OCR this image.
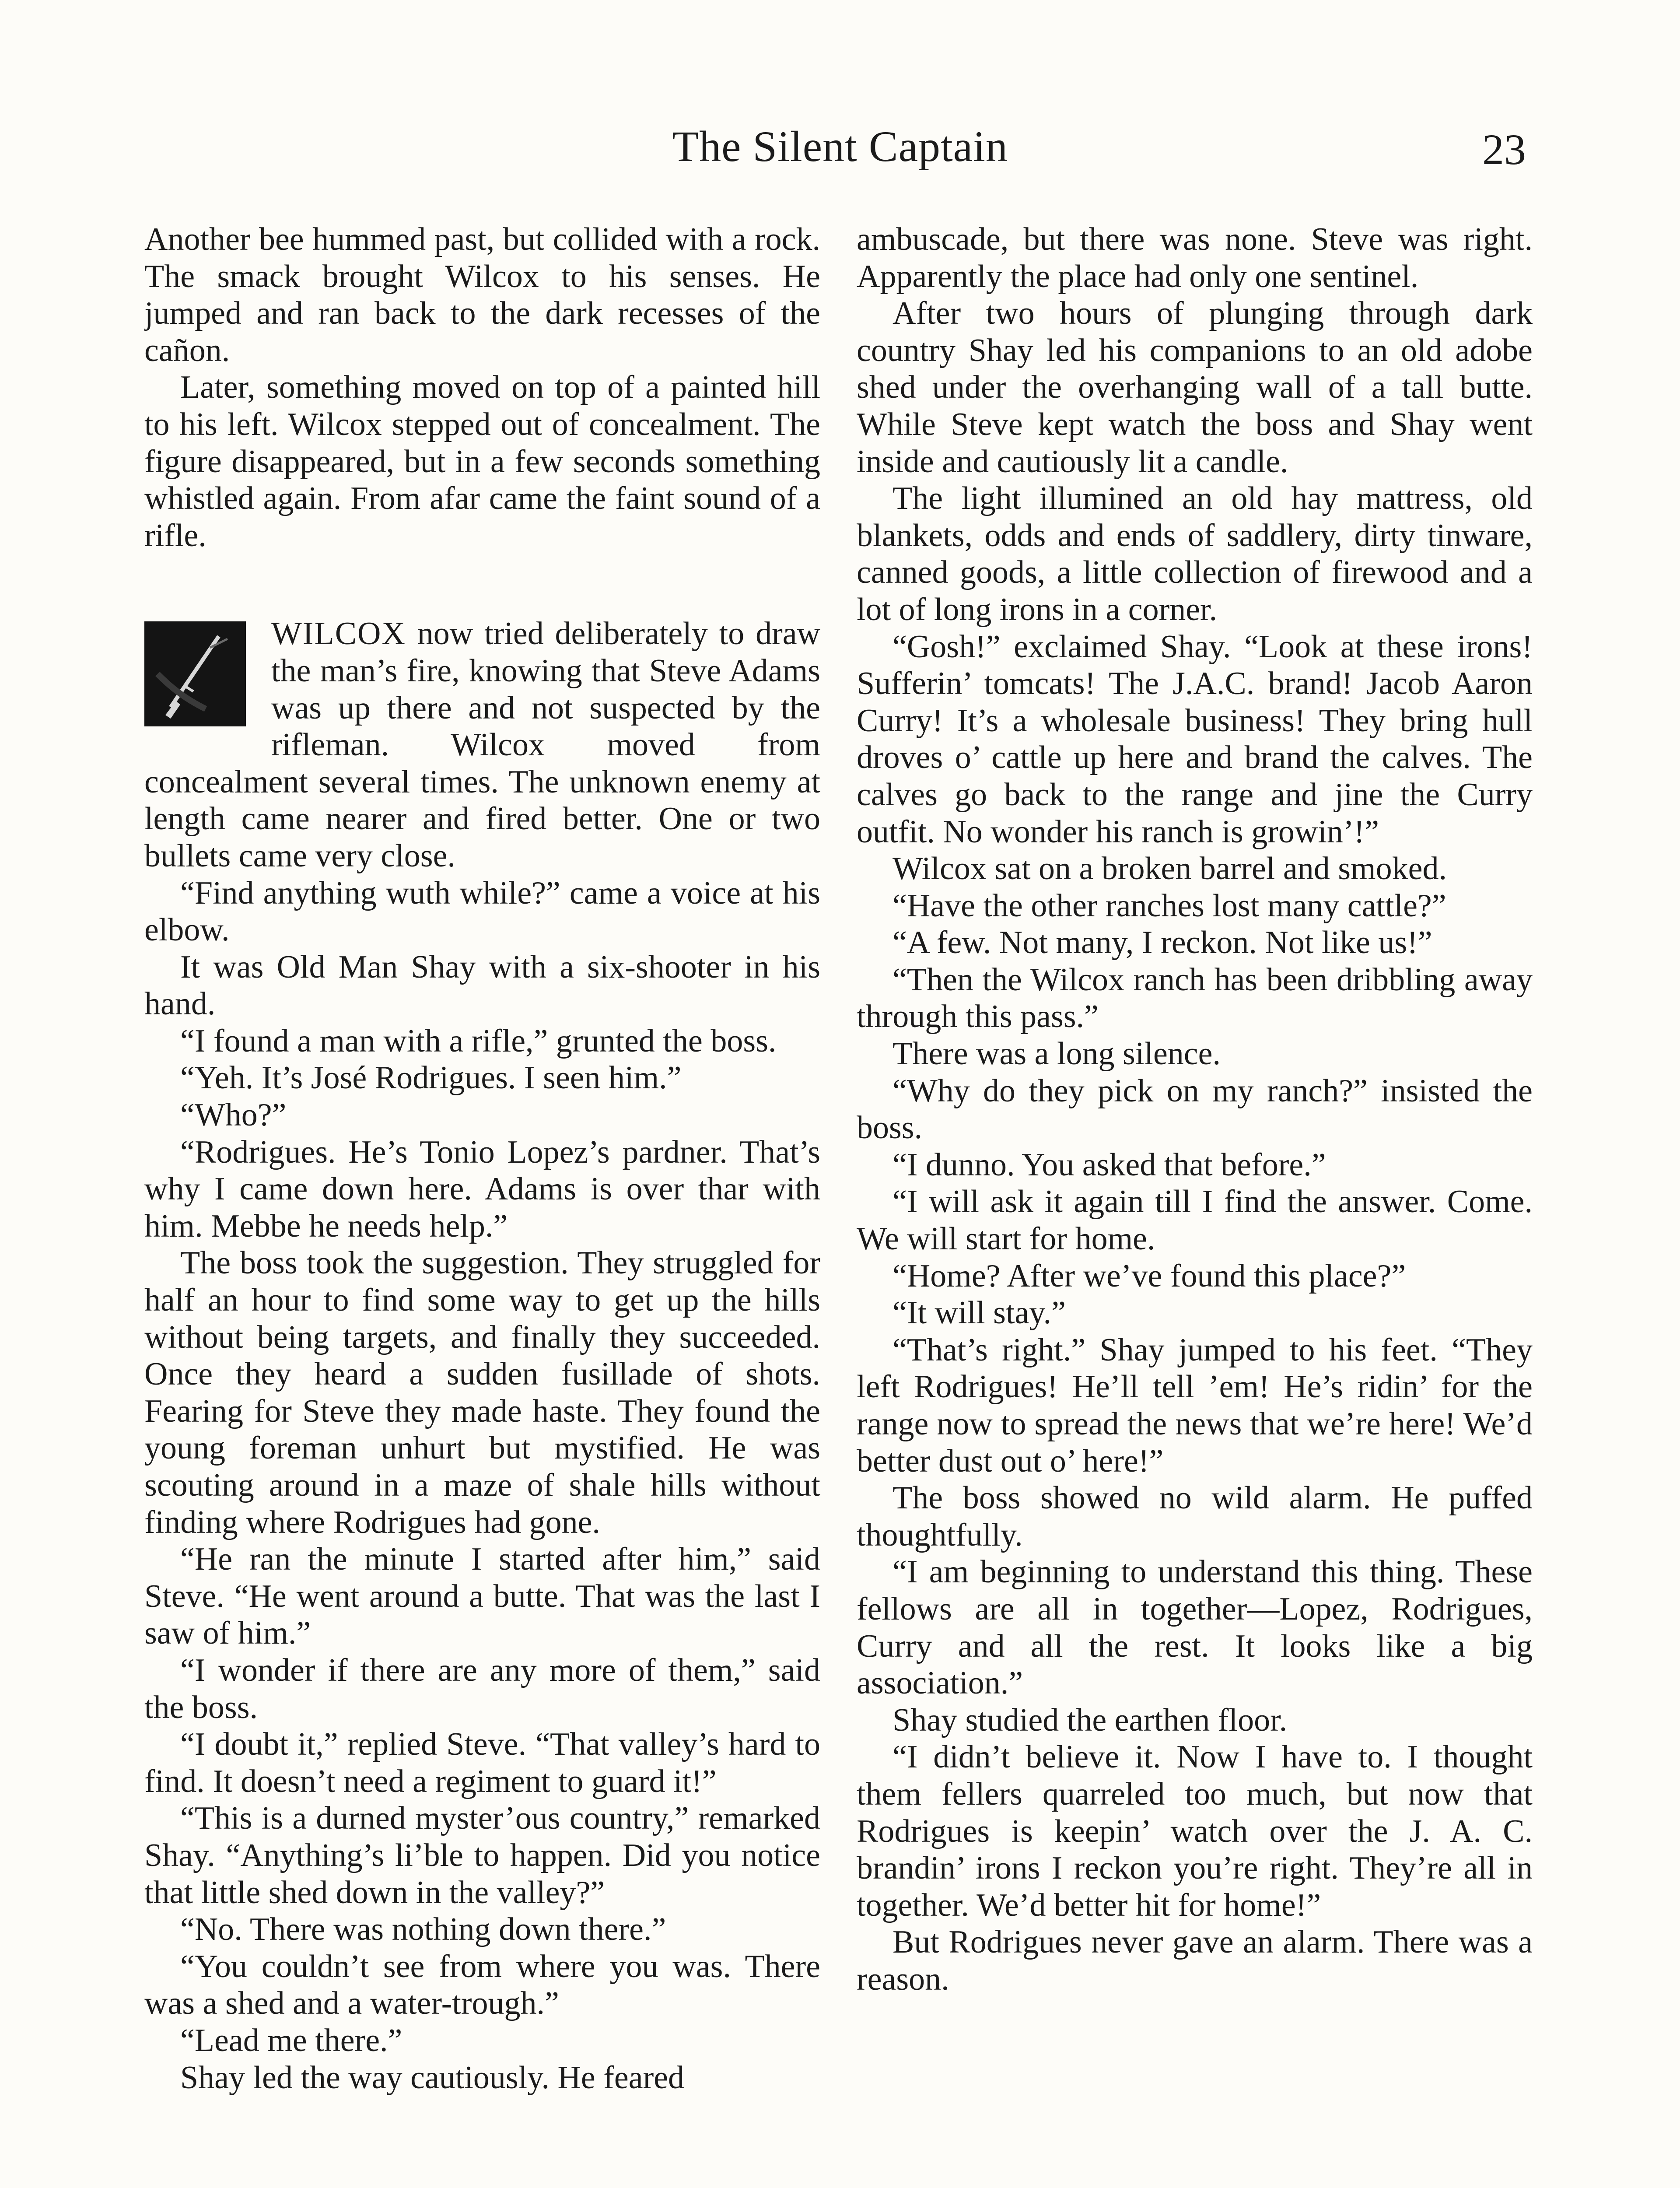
The Silent Captain	23

Another bee hummed past, but collided with a rock. The smack brought Wilcox to his senses. He jumped and ran back to the dark recesses of the cañon.

Later, something moved on top of a painted hill to his left. Wilcox stepped out of concealment. The figure disappeared, but in a few seconds something whistled again. From afar came the faint sound of a rifle.

WILCOX now tried deliberately to draw the man’s fire, knowing that Steve Adams was up there and not suspected by the rifleman. Wilcox moved from concealment several times. The unknown enemy at length came nearer and fired better. One or two bullets came very close.

“Find anything wuth while?” came a voice at his elbow.

It was Old Man Shay with a six-shooter in his hand.

“I found a man with a rifle,” grunted the boss.

“Yeh. It’s José Rodrigues. I seen him.”

“Who?”

“Rodrigues. He’s Tonio Lopez’s pardner. That’s why I came down here. Adams is over thar with him. Mebbe he needs help.”

The boss took the suggestion. They struggled for half an hour to find some way to get up the hills without being targets, and finally they succeeded. Once they heard a sudden fusillade of shots. Fearing for Steve they made haste. They found the young foreman unhurt but mystified. He was scouting around in a maze of shale hills without finding where Rodrigues had gone.

“He ran the minute I started after him,” said Steve. “He went around a butte. That was the last I saw of him.”

“I wonder if there are any more of them,” said the boss.

“I doubt it,” replied Steve. “That valley’s hard to find. It doesn’t need a regiment to guard it!”

“This is a durned myster’ous country,” remarked Shay. “Anything’s li’ble to happen. Did you notice that little shed down in the valley?”

“No. There was nothing down there.”

“You couldn’t see from where you was. There was a shed and a water-trough.”

“Lead me there.”

Shay led the way cautiously. He feared

ambuscade, but there was none. Steve was right. Apparently the place had only one sentinel.

After two hours of plunging through dark country Shay led his companions to an old adobe shed under the overhanging wall of a tall butte. While Steve kept watch the boss and Shay went inside and cautiously lit a candle.

The light illumined an old hay mattress, old blankets, odds and ends of saddlery, dirty tinware, canned goods, a little collection of firewood and a lot of long irons in a corner.

“Gosh!” exclaimed Shay. “Look at these irons! Sufferin’ tomcats! The J.A.C. brand! Jacob Aaron Curry! It’s a wholesale business! They bring hull droves o’ cattle up here and brand the calves. The calves go back to the range and jine the Curry outfit. No wonder his ranch is growin’!”

Wilcox sat on a broken barrel and smoked.

“Have the other ranches lost many cattle?”

“A few. Not many, I reckon. Not like us!”

“Then the Wilcox ranch has been dribbling away through this pass.”

There was a long silence.

“Why do they pick on my ranch?” insisted the boss.

“I dunno. You asked that before.”

“I will ask it again till I find the answer. Come. We will start for home.

“Home? After we’ve found this place?”

“It will stay.”

“That’s right.” Shay jumped to his feet. “They left Rodrigues! He’ll tell ’em! He’s ridin’ for the range now to spread the news that we’re here! We’d better dust out o’ here!”

The boss showed no wild alarm. He puffed thoughtfully.

“I am beginning to understand this thing. These fellows are all in together—Lopez, Rodrigues, Curry and all the rest. It looks like a big association.”

Shay studied the earthen floor.

“I didn’t believe it. Now I have to. I thought them fellers quarreled too much, but now that Rodrigues is keepin’ watch over the J. A. C. brandin’ irons I reckon you’re right. They’re all in together. We’d better hit for home!”

But Rodrigues never gave an alarm. There was a reason.
